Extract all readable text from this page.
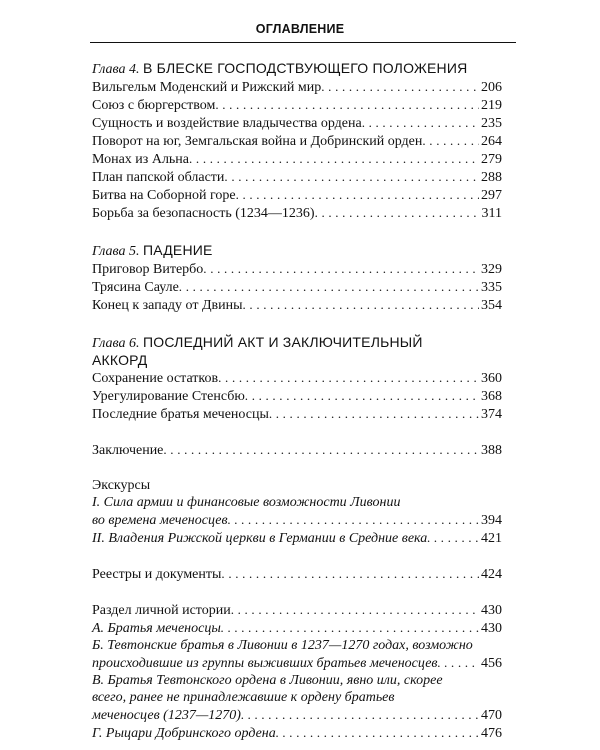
ОГЛАВЛЕНИЕ
Глава 4. В БЛЕСКЕ ГОСПОДСТВУЮЩЕГО ПОЛОЖЕНИЯ
Вильгельм Моденский и Рижский мир . . .	206
Союз с бюргерством . . .	219
Сущность и воздействие владычества ордена . . .	235
Поворот на юг, Земгальская война и Добринский орден . . .	264
Монах из Альна . . .	279
План папской области . . .	288
Битва на Соборной горе . . .	297
Борьба за безопасность (1234—1236) . . .	311
Глава 5. ПАДЕНИЕ
Приговор Витербо . . .	329
Трясина Сауле . . .	335
Конец к западу от Двины . . .	354
Глава 6. ПОСЛЕДНИЙ АКТ И ЗАКЛЮЧИТЕЛЬНЫЙ
АККОРД
Сохранение остатков . . .	360
Урегулирование Стенсбю . . .	368
Последние братья меченосцы . . .	374
Заключение . . .	388
Экскурсы
I. Сила армии и финансовые возможности Ливонии
во времена меченосцев . . .	394
II. Владения Рижской церкви в Германии в Средние века . . .	421
Реестры и документы . . .	424
Раздел личной истории . . .	430
А. Братья меченосцы . . .	430
Б. Тевтонские братья в Ливонии в 1237—1270 годах, возможно
происходившие из группы выживших братьев меченосцев . . .	456
В. Братья Тевтонского ордена в Ливонии, явно или, скорее
всего, ранее не принадлежавшие к ордену братьев
меченосцев (1237—1270) . . .	470
Г. Рыцари Добринского ордена . . .	476
